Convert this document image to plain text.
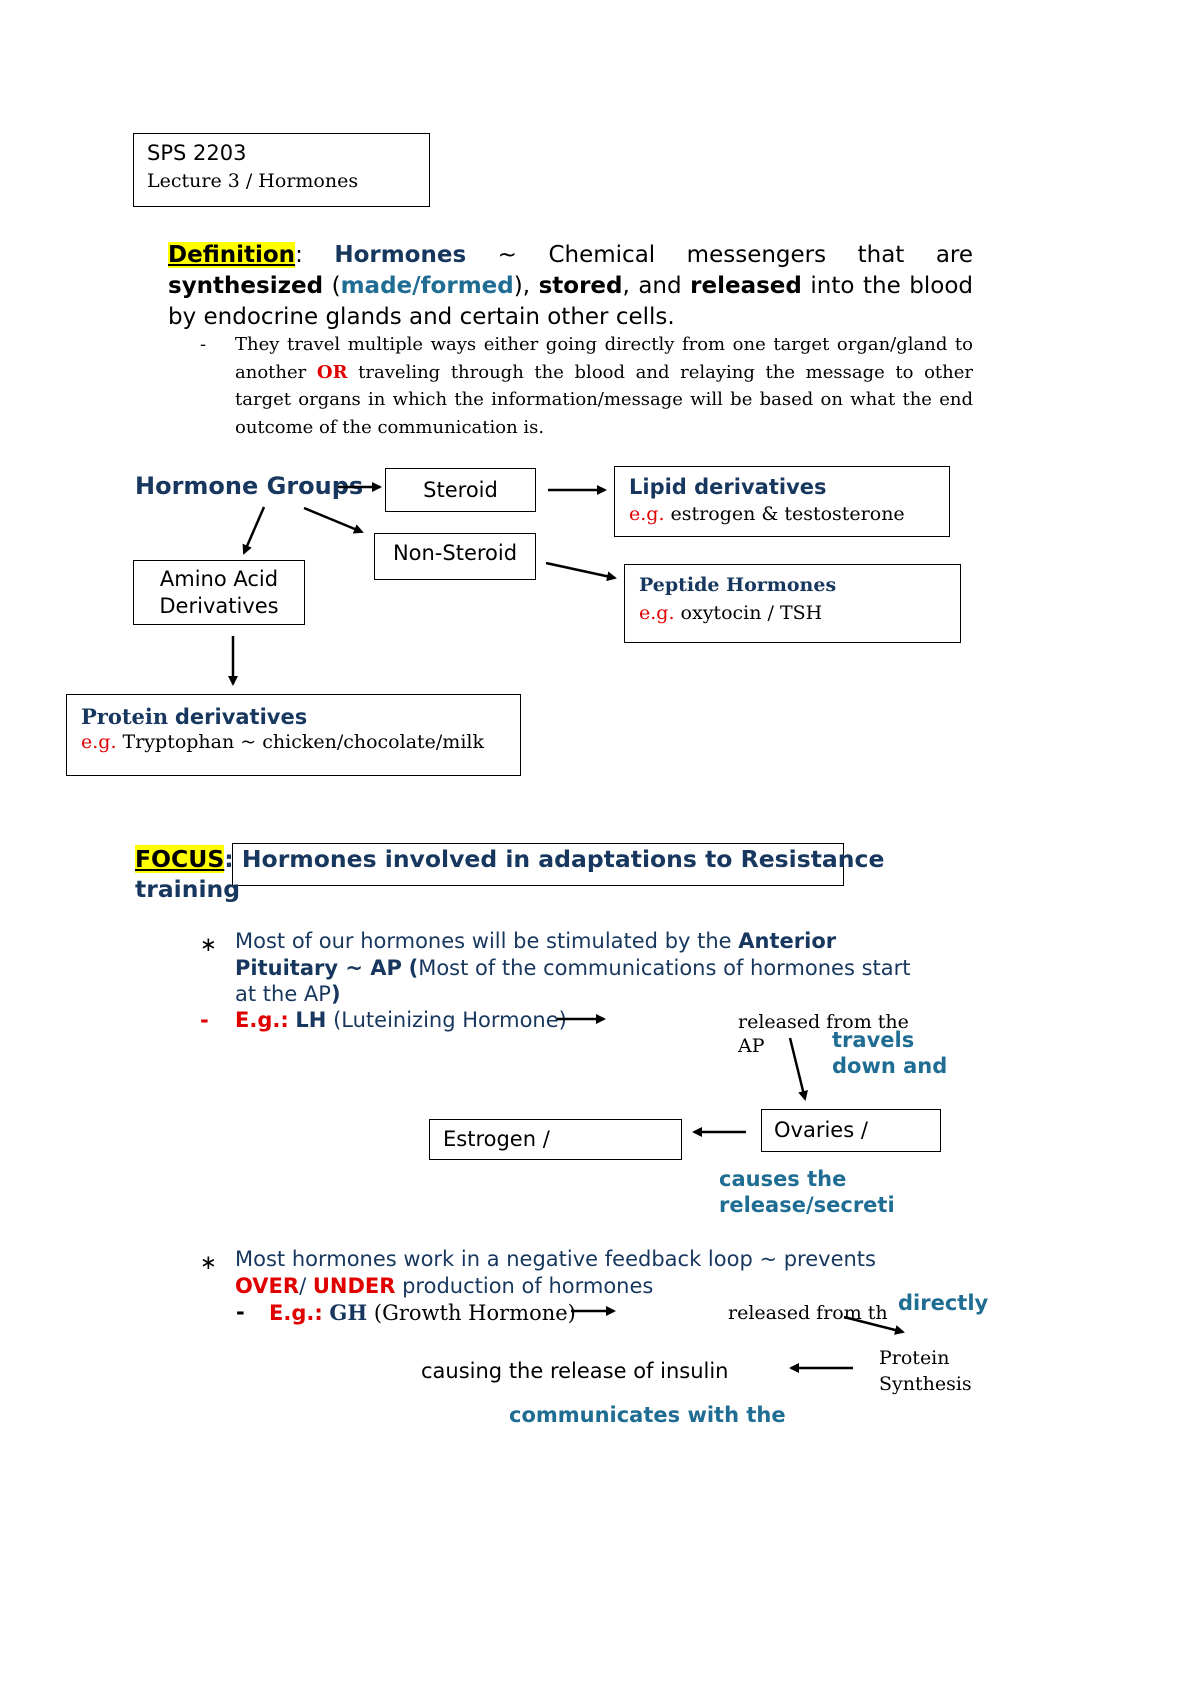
SPS 2203
Lecture 3 / Hormones
Definition: Hormones ~ Chemical messengers that are
synthesized (made/formed), stored, and released into the blood
by endocrine glands and certain other cells.
- They travel multiple ways either going directly from one target organ/gland to another OR traveling through the blood and relaying the message to other target organs in which the information/message will be based on what the end outcome of the communication is.
Hormone Groups	Steroid	Lipid derivatives
e.g. estrogen & testosterone
Non-Steroid
Peptide Hormones
e.g. oxytocin / TSH
Amino Acid
Derivatives
Protein derivatives
e.g. Tryptophan ~ chicken/chocolate/milk
FOCUS: Hormones involved in adaptations to Resistance
training
∗ Most of our hormones will be stimulated by the Anterior
Pituitary ~ AP (Most of the communications of hormones start
at the AP)
- E.g.: LH (Luteinizing Hormone)	released from the AP	travels
down and
Ovaries /
Estrogen /
causes the
release/secreti
∗ Most hormones work in a negative feedback loop ~ prevents
OVER/ UNDER production of hormones
- E.g.: GH (Growth Hormone)	released from th directly
Protein
Synthesis
causing the release of insulin
communicates with the
